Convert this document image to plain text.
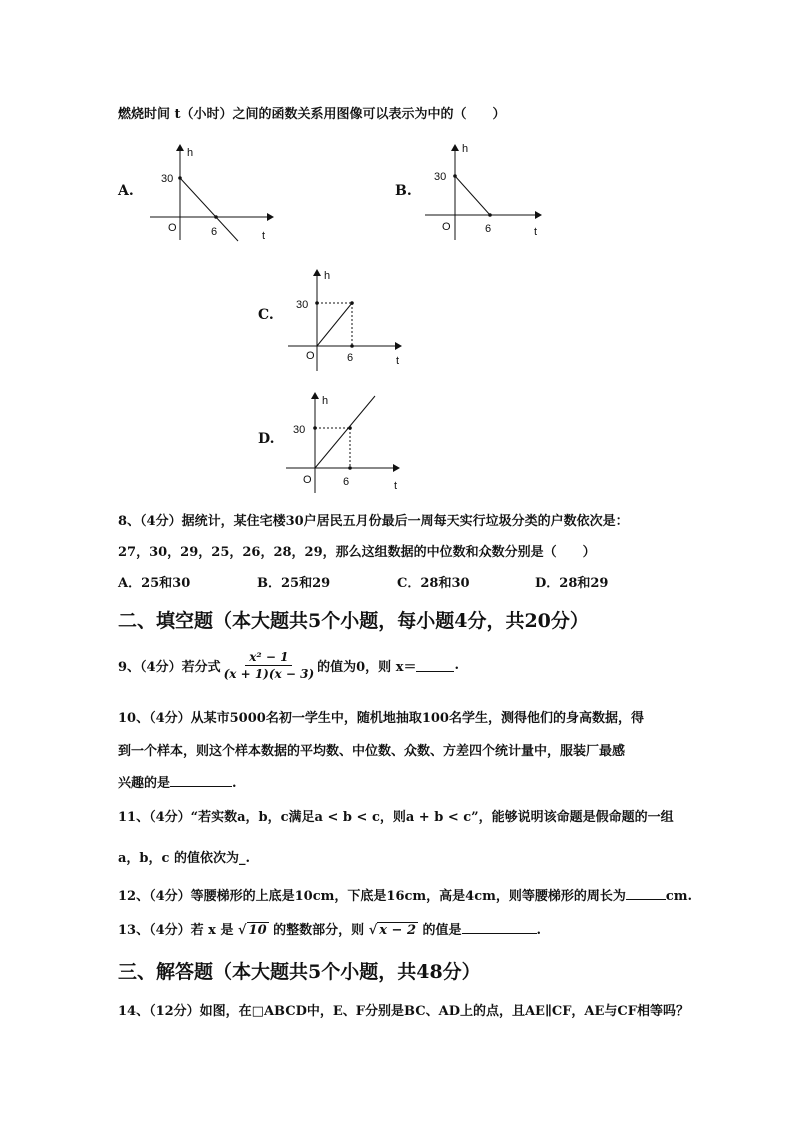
燃烧时间 t（小时）之间的函数关系用图像可以表示为中的（　　）
A.
h
t
O
30
6
B.
h
t
O
30
6
C.
h
t
O
30
6
D.
h
t
O
30
6
8、（4分）据统计，某住宅楼30户居民五月份最后一周每天实行垃圾分类的户数依次是：
27，30，29，25，26，28，29，那么这组数据的中位数和众数分别是（　　）
A．25和30	B．25和29	C．28和30	D．28和29
二、填空题（本大题共5个小题，每小题4分，共20分）
9、（4分）若分式 $\frac{\text{x² − 1}}{(x + 1)(x - 3)}$ 的值为0，则 x＝	.
10、（4分）从某市5000名初一学生中，随机地抽取100名学生，测得他们的身高数据，得
到一个样本，则这个样本数据的平均数、中位数、众数、方差四个统计量中，服装厂最感
兴趣的是	.
11、（4分）“若实数a，b，c满足a < b < c，则a + b < c”，能够说明该命题是假命题的一组
a，b，c 的值依次为_.
12、（4分）等腰梯形的上底是10cm，下底是16cm，高是4cm，则等腰梯形的周长为	cm.
13、（4分）若 x 是 √ 10 的整数部分，则 √ x − 2 的值是	.
三、解答题（本大题共5个小题，共48分）
14、（12分）如图，在□ABCD中，E、F分别是BC、AD上的点，且AE∥CF，AE与CF相等吗？
